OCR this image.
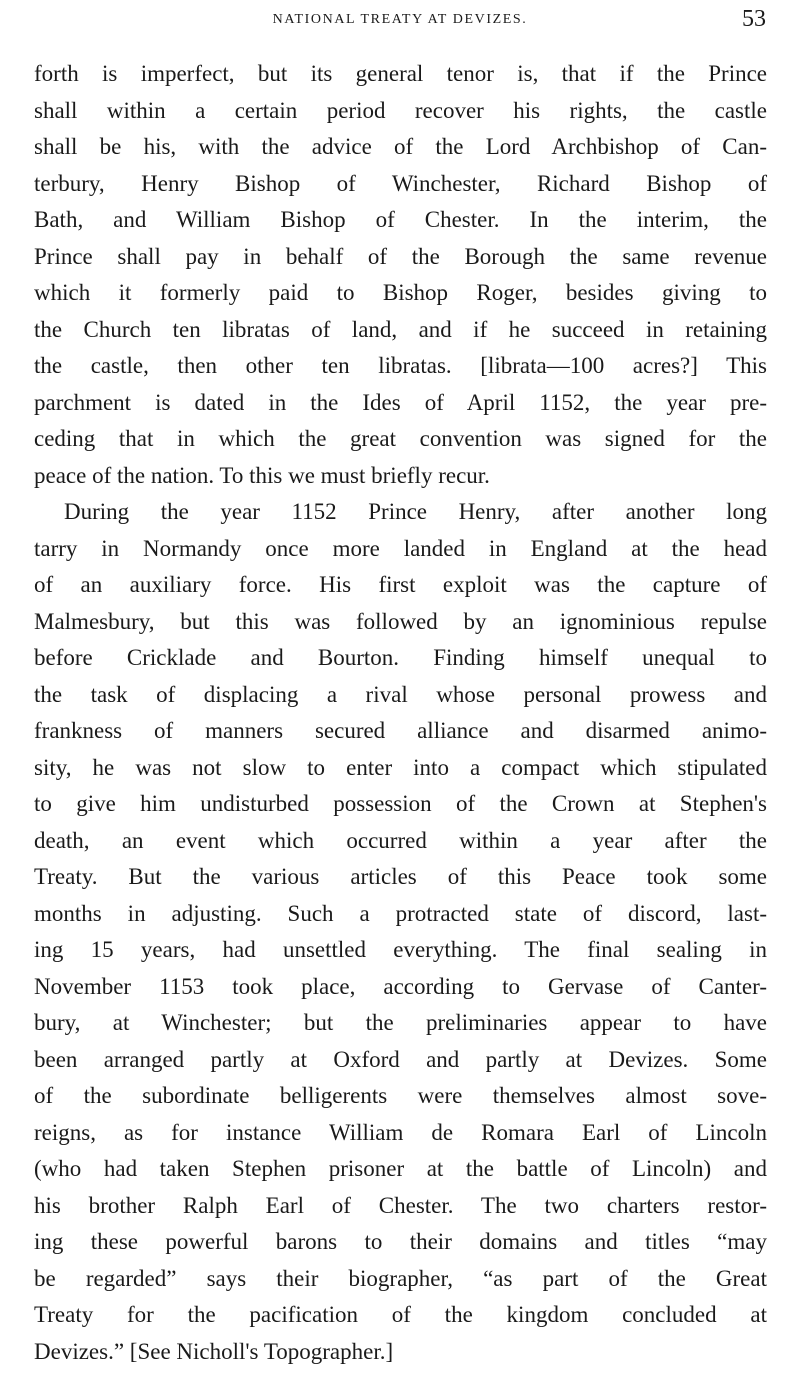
NATIONAL TREATY AT DEVIZES.	53
forth is imperfect, but its general tenor is, that if the Prince
shall within a certain period recover his rights, the castle
shall be his, with the advice of the Lord Archbishop of Can-
terbury, Henry Bishop of Winchester, Richard Bishop of
Bath, and William Bishop of Chester. In the interim, the
Prince shall pay in behalf of the Borough the same revenue
which it formerly paid to Bishop Roger, besides giving to
the Church ten libratas of land, and if he succeed in retaining
the castle, then other ten libratas. [librata—100 acres?] This
parchment is dated in the Ides of April 1152, the year pre-
ceding that in which the great convention was signed for the
peace of the nation. To this we must briefly recur.
During the year 1152 Prince Henry, after another long
tarry in Normandy once more landed in England at the head
of an auxiliary force. His first exploit was the capture of
Malmesbury, but this was followed by an ignominious repulse
before Cricklade and Bourton. Finding himself unequal to
the task of displacing a rival whose personal prowess and
frankness of manners secured alliance and disarmed animo-
sity, he was not slow to enter into a compact which stipulated
to give him undisturbed possession of the Crown at Stephen's
death, an event which occurred within a year after the
Treaty. But the various articles of this Peace took some
months in adjusting. Such a protracted state of discord, last-
ing 15 years, had unsettled everything. The final sealing in
November 1153 took place, according to Gervase of Canter-
bury, at Winchester; but the preliminaries appear to have
been arranged partly at Oxford and partly at Devizes. Some
of the subordinate belligerents were themselves almost sove-
reigns, as for instance William de Romara Earl of Lincoln
(who had taken Stephen prisoner at the battle of Lincoln) and
his brother Ralph Earl of Chester. The two charters restor-
ing these powerful barons to their domains and titles “may
be regarded” says their biographer, “as part of the Great
Treaty for the pacification of the kingdom concluded at
Devizes.” [See Nicholl's Topographer.]
